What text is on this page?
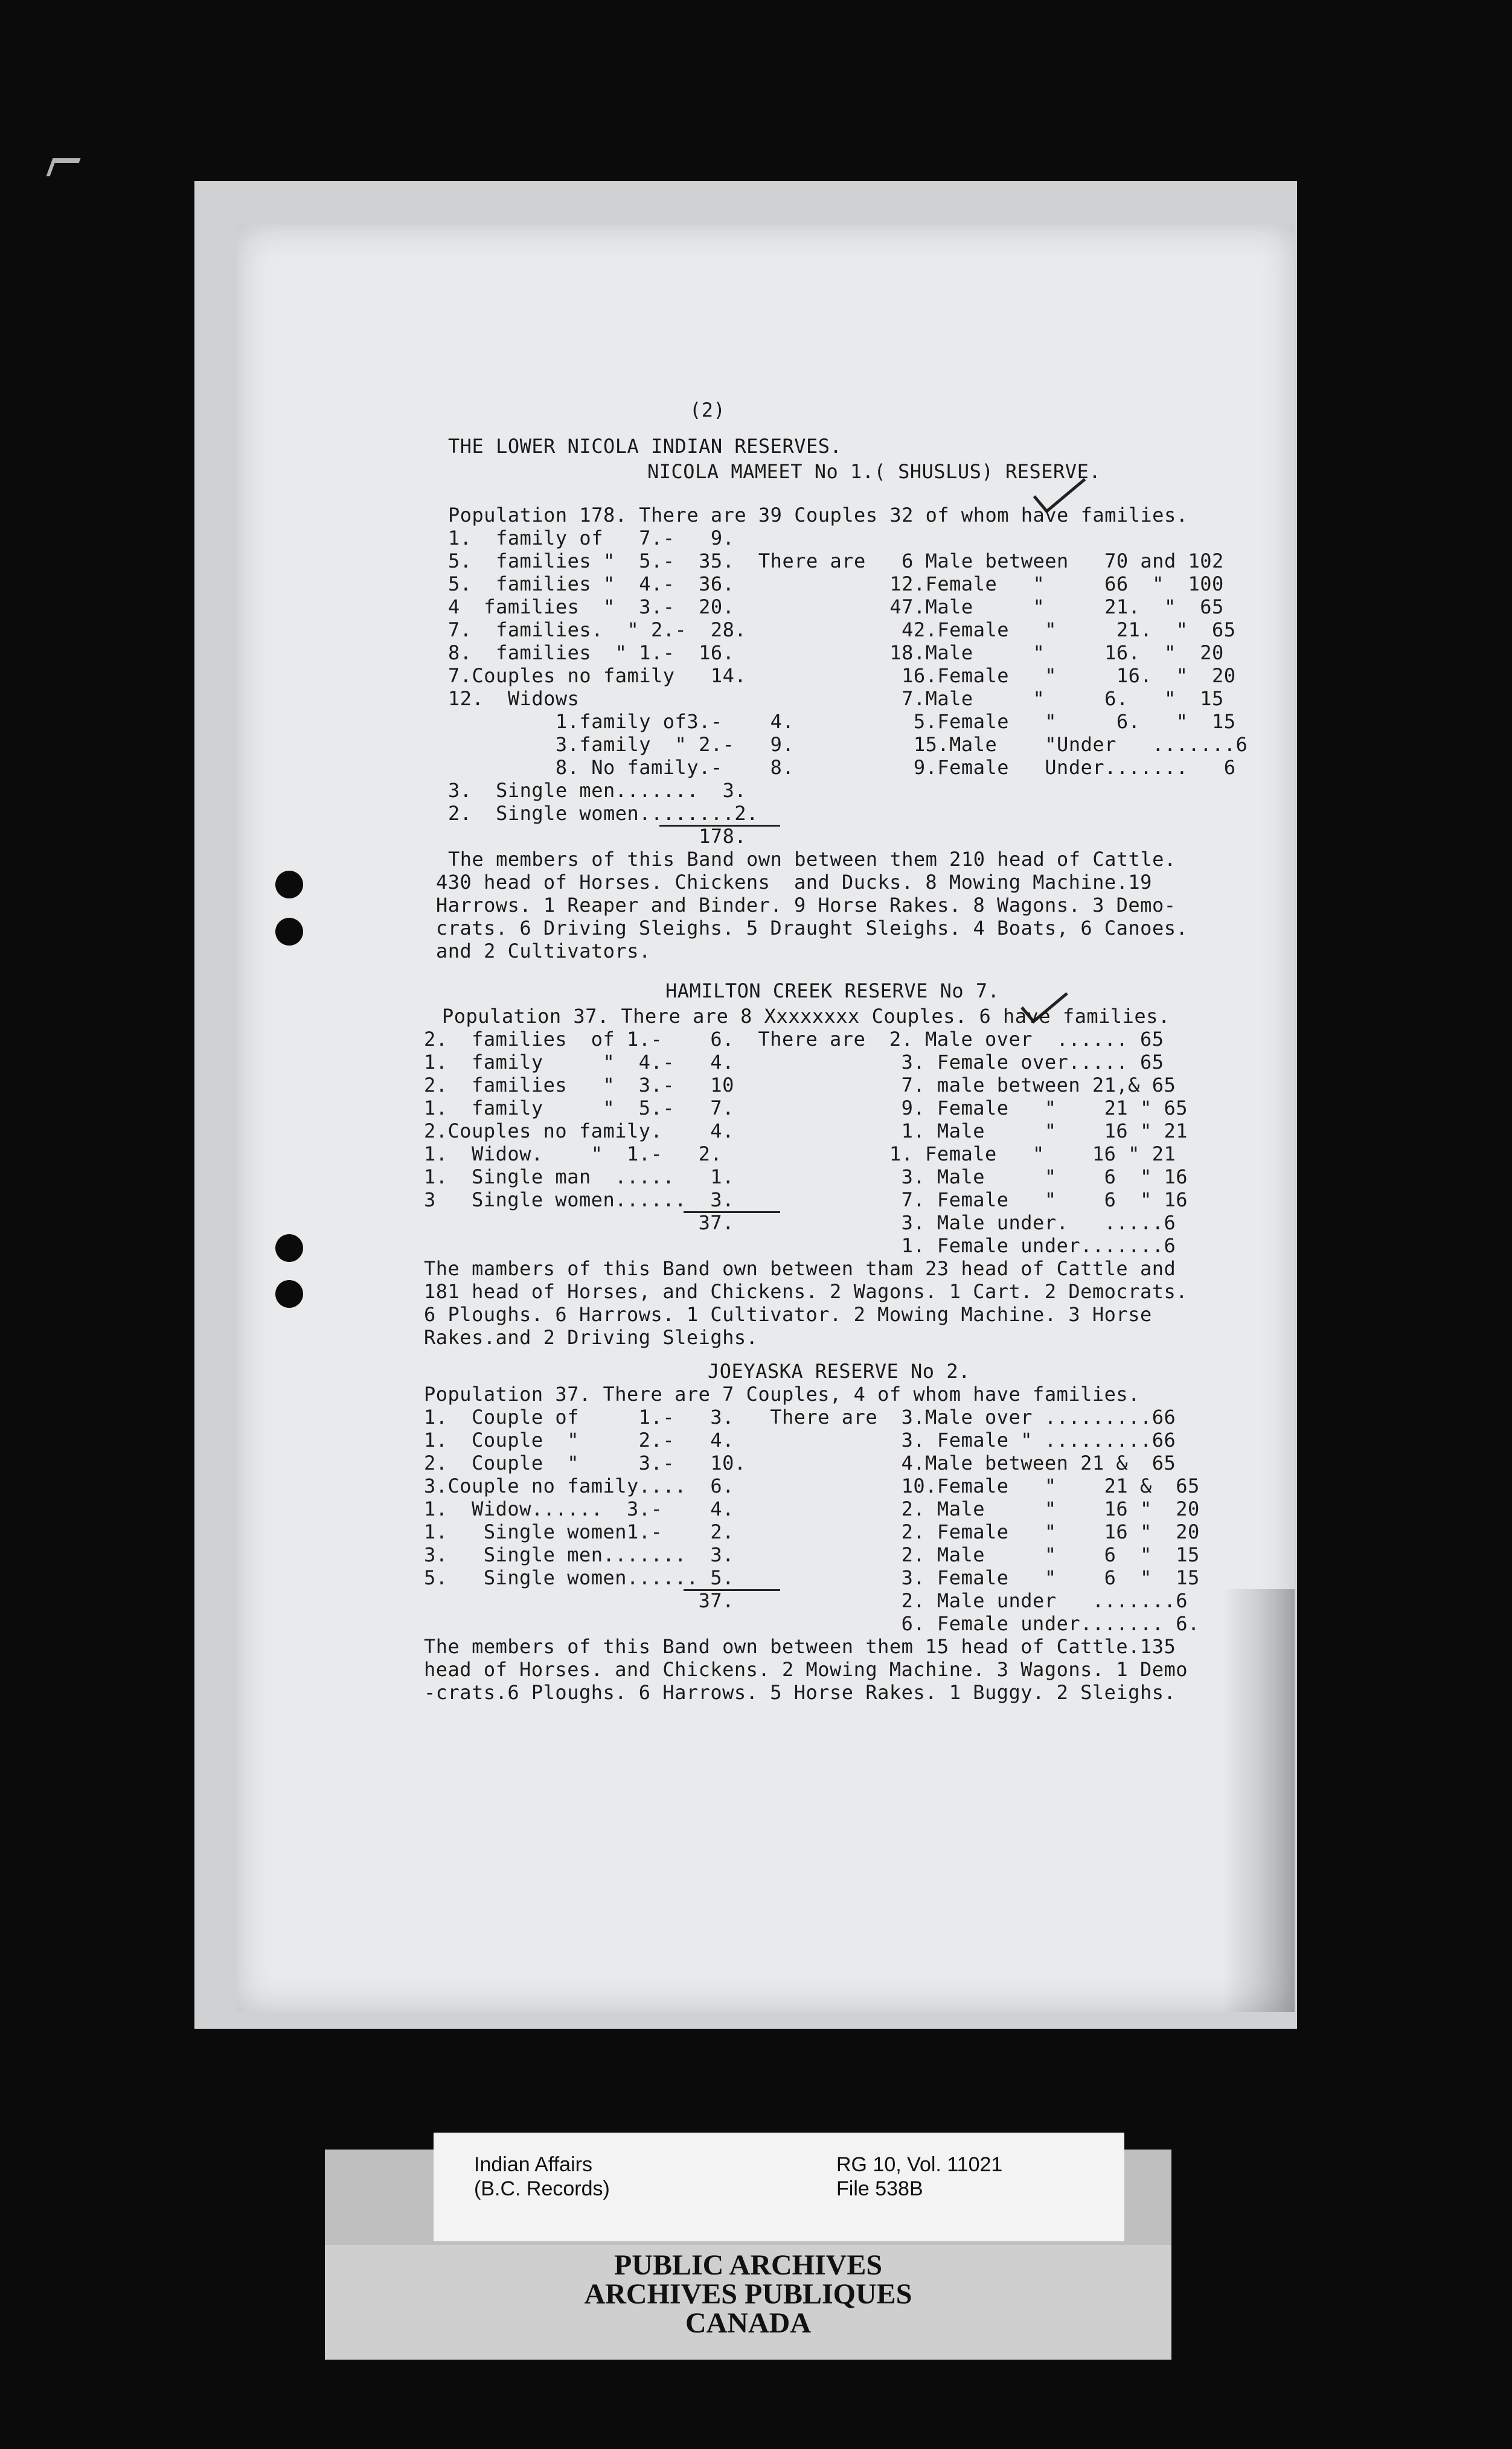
(2)
THE LOWER NICOLA INDIAN RESERVES.
NICOLA MAMEET No 1.( SHUSLUS) RESERVE.
Population 178. There are 39 Couples 32 of whom have families.
1.  family of   7.-   9.
5.  families "  5.-  35.  There are   6 Male between   70 and 102
5.  families "  4.-  36.             12.Female   "     66  "  100
4  families  "  3.-  20.             47.Male     "     21.  "  65
7.  families.  " 2.-  28.             42.Female   "     21.  "  65
8.  families  " 1.-  16.             18.Male     "     16.  "  20
7.Couples no family   14.             16.Female   "     16.  "  20
12.  Widows                           7.Male     "     6.   "  15
1.family of3.-    4.          5.Female   "     6.   "  15
3.family  " 2.-   9.          15.Male    "Under   .......6
8. No family.-    8.          9.Female   Under.......   6
3.  Single men.......  3.
2.  Single women........2.
178.
The members of this Band own between them 210 head of Cattle.
430 head of Horses. Chickens  and Ducks. 8 Mowing Machine.19
Harrows. 1 Reaper and Binder. 9 Horse Rakes. 8 Wagons. 3 Demo-
crats. 6 Driving Sleighs. 5 Draught Sleighs. 4 Boats, 6 Canoes.
and 2 Cultivators.
HAMILTON CREEK RESERVE No 7.
Population 37. There are 8 Xxxxxxxx Couples. 6 have families.
2.  families  of 1.-    6.  There are  2. Male over  ...... 65
1.  family     "  4.-   4.              3. Female over..... 65
2.  families   "  3.-   10              7. male between 21,& 65
1.  family     "  5.-   7.              9. Female   "    21 " 65
2.Couples no family.    4.              1. Male     "    16 " 21
1.  Widow.    "  1.-   2.              1. Female   "    16 " 21
1.  Single man  .....   1.              3. Male     "    6  " 16
3   Single women......  3.              7. Female   "    6  " 16
37.              3. Male under.   .....6
1. Female under.......6
The mambers of this Band own between tham 23 head of Cattle and
181 head of Horses, and Chickens. 2 Wagons. 1 Cart. 2 Democrats.
6 Ploughs. 6 Harrows. 1 Cultivator. 2 Mowing Machine. 3 Horse
Rakes.and 2 Driving Sleighs.
JOEYASKA RESERVE No 2.
Population 37. There are 7 Couples, 4 of whom have families.
1.  Couple of     1.-   3.   There are  3.Male over .........66
1.  Couple  "     2.-   4.              3. Female " .........66
2.  Couple  "     3.-   10.             4.Male between 21 &  65
3.Couple no family....  6.              10.Female   "    21 &  65
1.  Widow......  3.-    4.              2. Male     "    16 "  20
1.   Single women1.-    2.              2. Female   "    16 "  20
3.   Single men.......  3.              2. Male     "    6  "  15
5.   Single women...... 5.              3. Female   "    6  "  15
37.              2. Male under   .......6
6. Female under....... 6.
The members of this Band own between them 15 head of Cattle.135
head of Horses. and Chickens. 2 Mowing Machine. 3 Wagons. 1 Demo
-crats.6 Ploughs. 6 Harrows. 5 Horse Rakes. 1 Buggy. 2 Sleighs.
Indian Affairs
(B.C. Records)
RG 10, Vol. 11021
File 538B
PUBLIC ARCHIVES
ARCHIVES PUBLIQUES
CANADA
